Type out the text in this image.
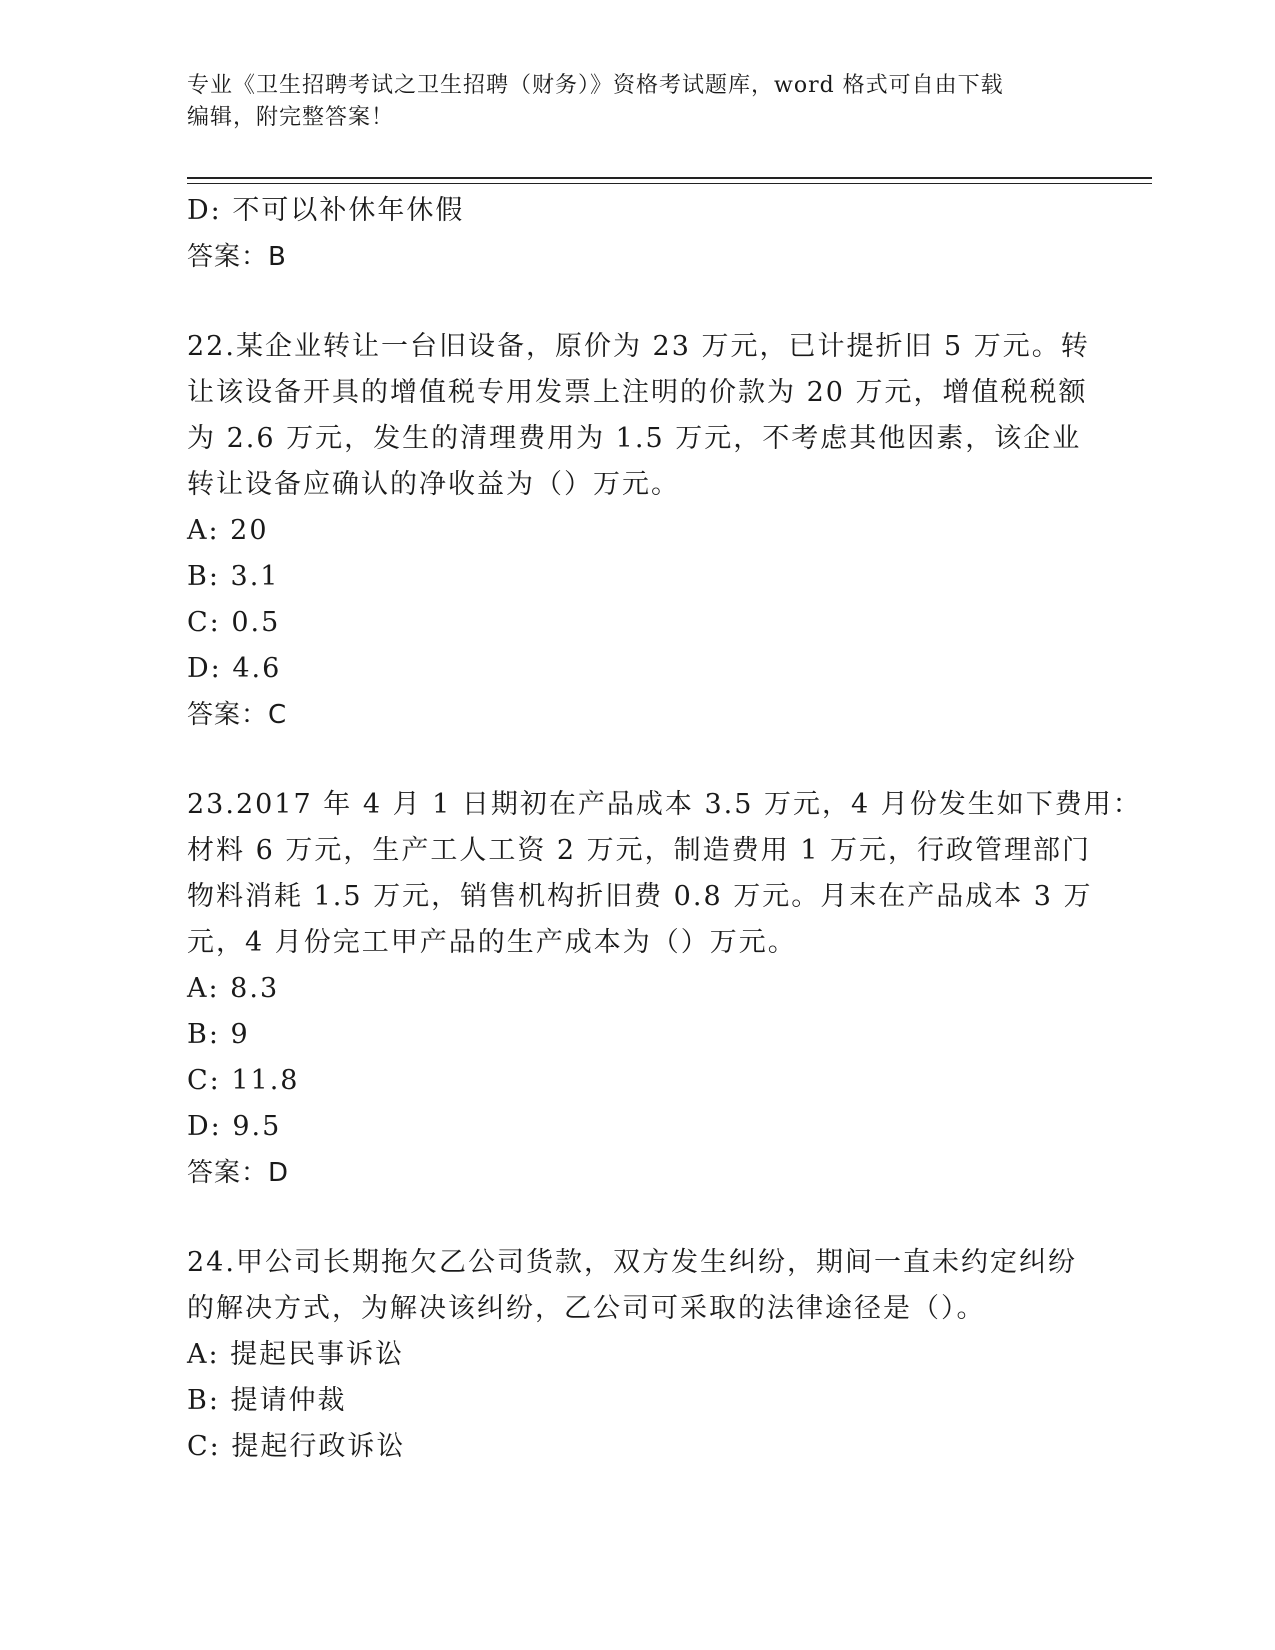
专业《卫生招聘考试之卫生招聘（财务）》资格考试题库，word 格式可自由下载
编辑，附完整答案！
D: 不可以补休年休假
答案：B
22.某企业转让一台旧设备，原价为 23 万元，已计提折旧 5 万元。转
让该设备开具的增值税专用发票上注明的价款为 20 万元，增值税税额
为 2.6 万元，发生的清理费用为 1.5 万元，不考虑其他因素，该企业
转让设备应确认的净收益为（）万元。
A: 20
B: 3.1
C: 0.5
D: 4.6
答案：C
23.2017 年 4 月 1 日期初在产品成本 3.5 万元，4 月份发生如下费用：
材料 6 万元，生产工人工资 2 万元，制造费用 1 万元，行政管理部门
物料消耗 1.5 万元，销售机构折旧费 0.8 万元。月末在产品成本 3 万
元，4 月份完工甲产品的生产成本为（）万元。
A: 8.3
B: 9
C: 11.8
D: 9.5
答案：D
24.甲公司长期拖欠乙公司货款，双方发生纠纷，期间一直未约定纠纷
的解决方式，为解决该纠纷，乙公司可采取的法律途径是（）。
A: 提起民事诉讼
B: 提请仲裁
C: 提起行政诉讼
